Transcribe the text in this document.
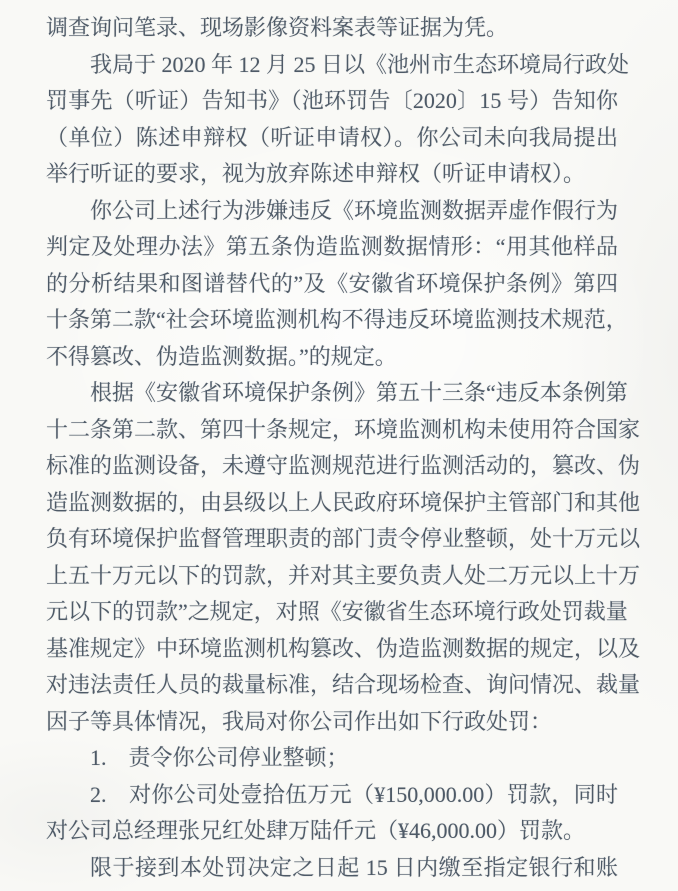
调查询问笔录、现场影像资料案表等证据为凭。
我局于 2020 年 12 月 25 日以《池州市生态环境局行政处
罚事先（听证）告知书》（池环罚告〔2020〕15 号）告知你
（单位）陈述申辩权（听证申请权）。你公司未向我局提出
举行听证的要求，视为放弃陈述申辩权（听证申请权）。
你公司上述行为涉嫌违反《环境监测数据弄虚作假行为
判定及处理办法》第五条伪造监测数据情形：“用其他样品
的分析结果和图谱替代的”及《安徽省环境保护条例》第四
十条第二款“社会环境监测机构不得违反环境监测技术规范，
不得篡改、伪造监测数据。”的规定。
根据《安徽省环境保护条例》第五十三条“违反本条例第
十二条第二款、第四十条规定，环境监测机构未使用符合国家
标准的监测设备，未遵守监测规范进行监测活动的，篡改、伪
造监测数据的，由县级以上人民政府环境保护主管部门和其他
负有环境保护监督管理职责的部门责令停业整顿，处十万元以
上五十万元以下的罚款，并对其主要负责人处二万元以上十万
元以下的罚款”之规定，对照《安徽省生态环境行政处罚裁量
基准规定》中环境监测机构篡改、伪造监测数据的规定，以及
对违法责任人员的裁量标准，结合现场检查、询问情况、裁量
因子等具体情况，我局对你公司作出如下行政处罚：
1.　责令你公司停业整顿；
2.　对你公司处壹拾伍万元（¥150,000.00）罚款，同时
对公司总经理张兄红处肆万陆仟元（¥46,000.00）罚款。
限于接到本处罚决定之日起 15 日内缴至指定银行和账
